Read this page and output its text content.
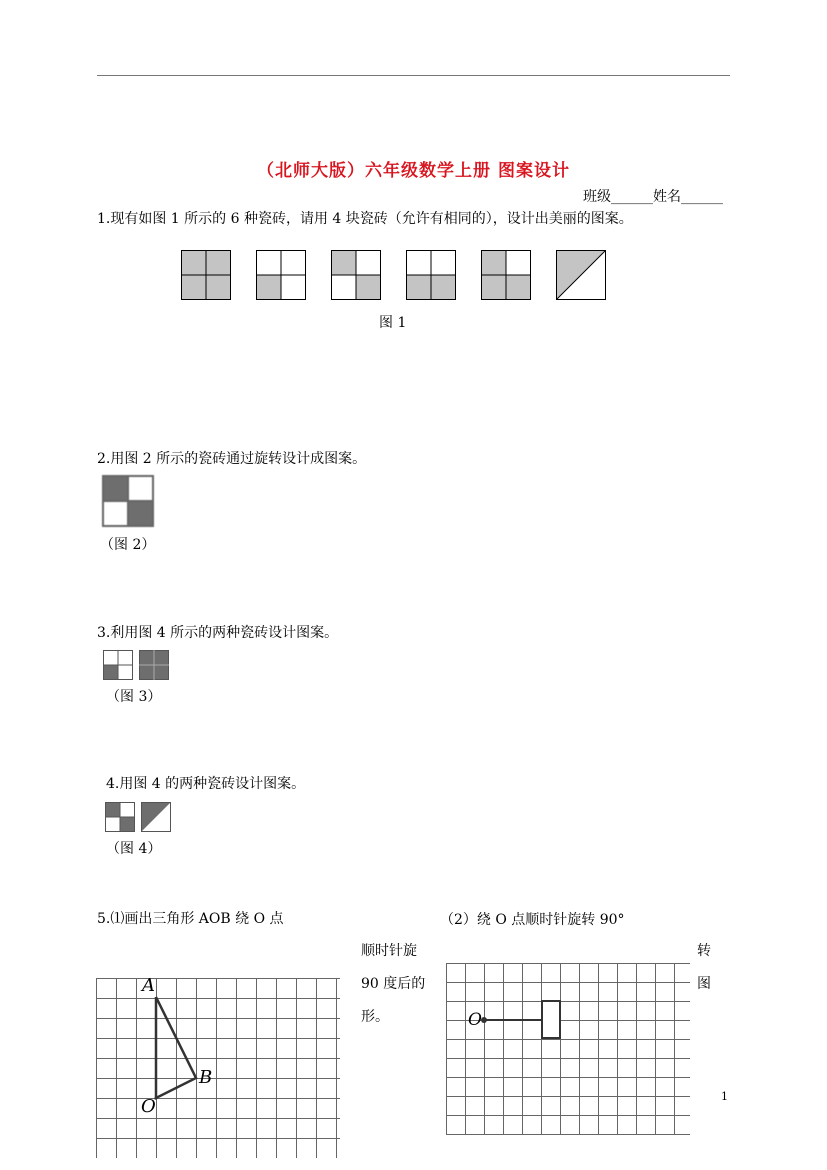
（北师大版）六年级数学上册 图案设计
班级______姓名______
1.现有如图 1 所示的 6 种瓷砖，请用 4 块瓷砖（允许有相同的），设计出美丽的图案。
图 1
2.用图 2 所示的瓷砖通过旋转设计成图案。
（图 2）
3.利用图 4 所示的两种瓷砖设计图案。
（图 3）
4.用图 4 的两种瓷砖设计图案。
（图 4）
5.⑴画出三角形 AOB 绕 O 点
顺时针旋
90 度后的
形。
（2）绕 O 点顺时针旋转 90°
转
图
A
B
O
O
1
